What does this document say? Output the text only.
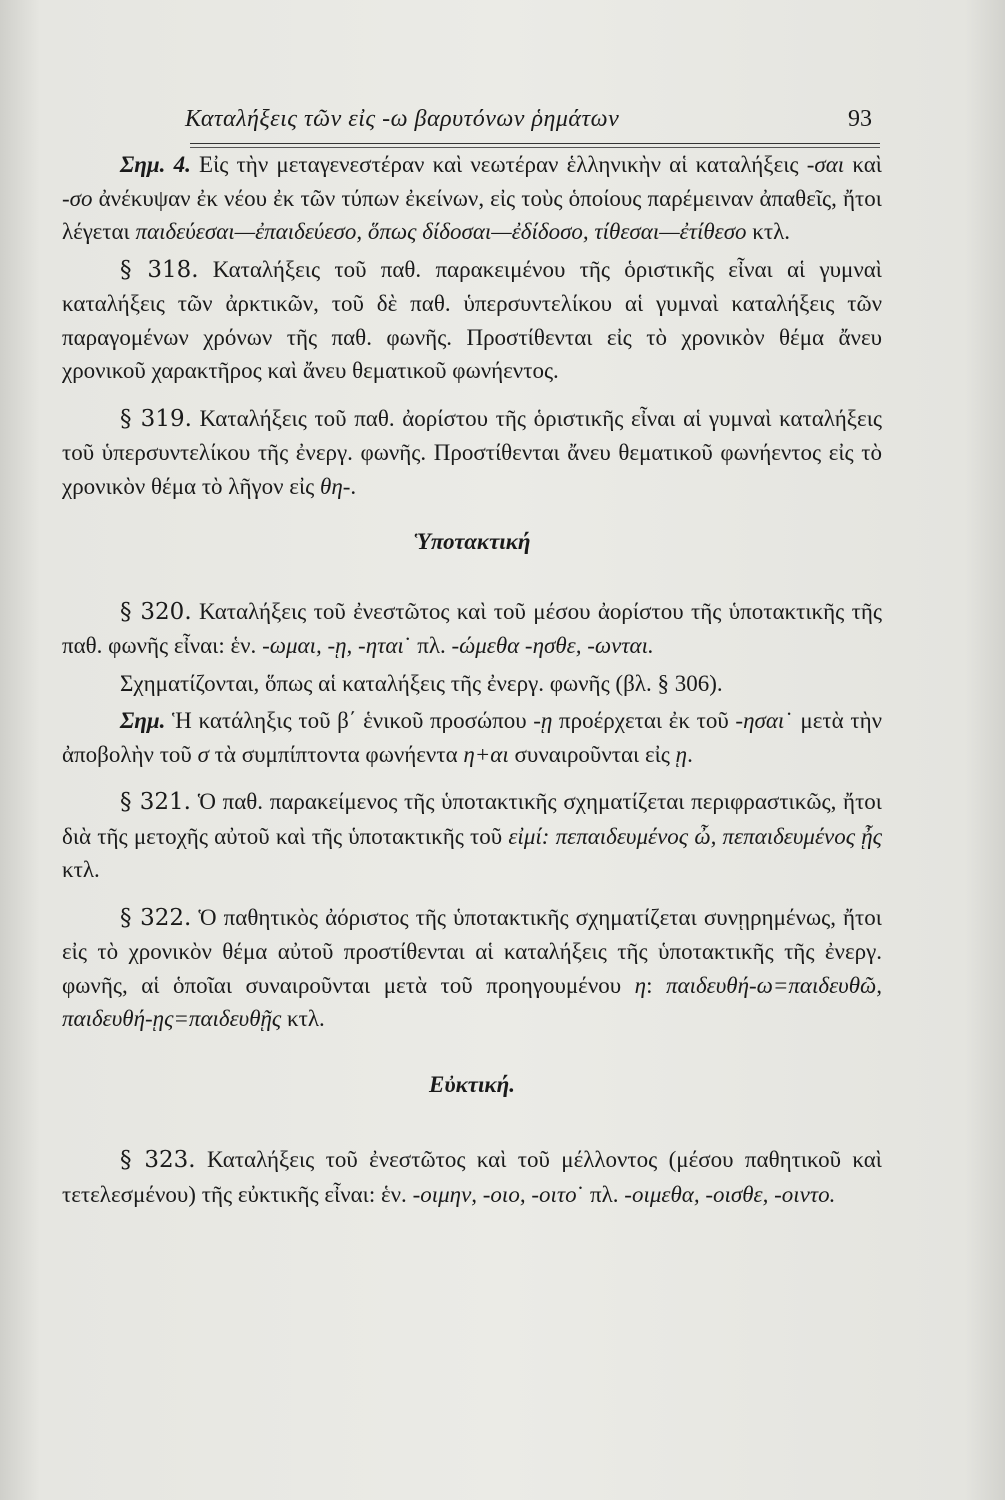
Καταλήξεις τῶν εἰς -ω βαρυτόνων ῥημάτων	93

Σημ. 4. Εἰς τὴν μεταγενεστέραν καὶ νεωτέραν ἑλληνικὴν αἱ καταλήξεις -σαι καὶ -σο ἀνέκυψαν ἐκ νέου ἐκ τῶν τύπων ἐκείνων, εἰς τοὺς ὁποίους παρέμειναν ἀπαθεῖς, ἤτοι λέγεται παιδεύεσαι—ἐπαιδεύεσο, ὅπως δίδοσαι—ἐδίδοσο, τίθεσαι—ἐτίθεσο κτλ.

§ 318. Καταλήξεις τοῦ παθ. παρακειμένου τῆς ὁριστικῆς εἶναι αἱ γυμναὶ καταλήξεις τῶν ἀρκτικῶν, τοῦ δὲ παθ. ὑπερσυντελίκου αἱ γυμναὶ καταλήξεις τῶν παραγομένων χρόνων τῆς παθ. φωνῆς. Προστίθενται εἰς τὸ χρονικὸν θέμα ἄνευ χρονικοῦ χαρακτῆρος καὶ ἄνευ θεματικοῦ φωνήεντος.

§ 319. Καταλήξεις τοῦ παθ. ἀορίστου τῆς ὁριστικῆς εἶναι αἱ γυμναὶ καταλήξεις τοῦ ὑπερσυντελίκου τῆς ἐνεργ. φωνῆς. Προστίθενται ἄνευ θεματικοῦ φωνήεντος εἰς τὸ χρονικὸν θέμα τὸ λῆγον εἰς θη-.

Ὑποτακτική

§ 320. Καταλήξεις τοῦ ἐνεστῶτος καὶ τοῦ μέσου ἀορίστου τῆς ὑποτακτικῆς τῆς παθ. φωνῆς εἶναι: ἑν. -ωμαι, -ῃ, -ηται˙ πλ. -ώμεθα -ησθε, -ωνται.

Σχηματίζονται, ὅπως αἱ καταλήξεις τῆς ἐνεργ. φωνῆς (βλ. § 306).

Σημ. Ἡ κατάληξις τοῦ β΄ ἑνικοῦ προσώπου -ῃ προέρχεται ἐκ τοῦ -ησαι˙ μετὰ τὴν ἀποβολὴν τοῦ σ τὰ συμπίπτοντα φωνήεντα η+αι συναιροῦνται εἰς ῃ.

§ 321. Ὁ παθ. παρακείμενος τῆς ὑποτακτικῆς σχηματίζεται περιφραστικῶς, ἤτοι διὰ τῆς μετοχῆς αὐτοῦ καὶ τῆς ὑποτακτικῆς τοῦ εἰμί: πεπαιδευμένος ὦ, πεπαιδευμένος ᾖς κτλ.

§ 322. Ὁ παθητικὸς ἀόριστος τῆς ὑποτακτικῆς σχηματίζεται συνῃρημένως, ἤτοι εἰς τὸ χρονικὸν θέμα αὐτοῦ προστίθενται αἱ καταλήξεις τῆς ὑποτακτικῆς τῆς ἐνεργ. φωνῆς, αἱ ὁποῖαι συναιροῦνται μετὰ τοῦ προηγουμένου η: παιδευθή-ω=παιδευθῶ, παιδευθή-ῃς=παιδευθῇς κτλ.

Εὐκτική.

§ 323. Καταλήξεις τοῦ ἐνεστῶτος καὶ τοῦ μέλλοντος (μέσου παθητικοῦ καὶ τετελεσμένου) τῆς εὐκτικῆς εἶναι: ἑν. -οιμην, -οιο, -οιτο˙ πλ. -οιμεθα, -οισθε, -οιντο.
